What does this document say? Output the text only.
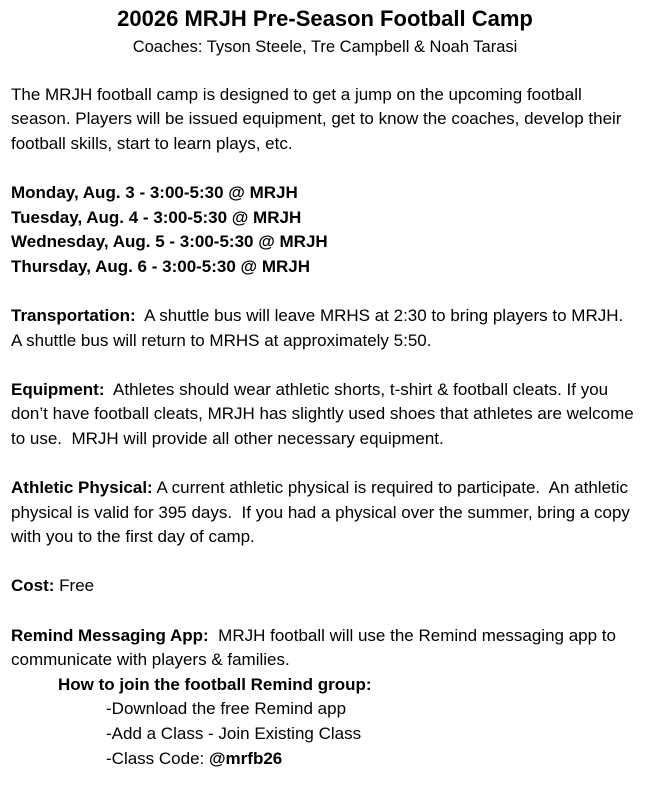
20026 MRJH Pre-Season Football Camp

Coaches: Tyson Steele, Tre Campbell & Noah Tarasi

The MRJH football camp is designed to get a jump on the upcoming football season. Players will be issued equipment, get to know the coaches, develop their football skills, start to learn plays, etc.

Monday, Aug. 3 - 3:00-5:30 @ MRJH

Tuesday, Aug. 4 - 3:00-5:30 @ MRJH

Wednesday, Aug. 5 - 3:00-5:30 @ MRJH

Thursday, Aug. 6 - 3:00-5:30 @ MRJH

Transportation:  A shuttle bus will leave MRHS at 2:30 to bring players to MRJH.  A shuttle bus will return to MRHS at approximately 5:50.

Equipment:  Athletes should wear athletic shorts, t-shirt & football cleats. If you don’t have football cleats, MRJH has slightly used shoes that athletes are welcome to use.  MRJH will provide all other necessary equipment.

Athletic Physical: A current athletic physical is required to participate.  An athletic physical is valid for 395 days.  If you had a physical over the summer, bring a copy with you to the first day of camp.

Cost: Free

Remind Messaging App:  MRJH football will use the Remind messaging app to communicate with players & families.

How to join the football Remind group:

-Download the free Remind app

-Add a Class - Join Existing Class

-Class Code: @mrfb26
